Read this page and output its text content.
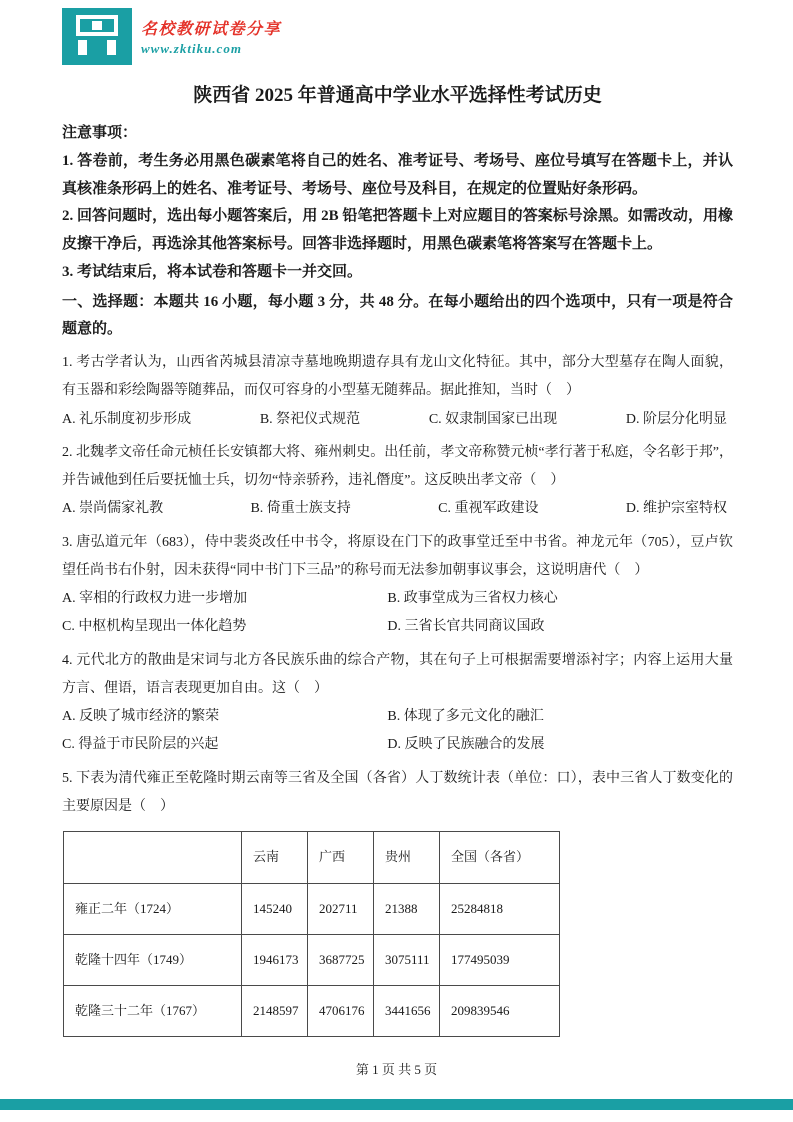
名校教研试卷分享
www.zktiku.com
陕西省 2025 年普通高中学业水平选择性考试历史

注意事项：

1. 答卷前，考生务必用黑色碳素笔将自己的姓名、准考证号、考场号、座位号填写在答题卡上，并认真核准条形码上的姓名、准考证号、考场号、座位号及科目，在规定的位置贴好条形码。

2. 回答问题时，选出每小题答案后，用 2B 铅笔把答题卡上对应题目的答案标号涂黑。如需改动，用橡皮擦干净后，再选涂其他答案标号。回答非选择题时，用黑色碳素笔将答案写在答题卡上。

3. 考试结束后，将本试卷和答题卡一并交回。

一、选择题：本题共 16 小题，每小题 3 分，共 48 分。在每小题给出的四个选项中，只有一项是符合题意的。

1. 考古学者认为，山西省芮城县清凉寺墓地晚期遗存具有龙山文化特征。其中，部分大型墓存在陶人面貌，有玉器和彩绘陶器等随葬品，而仅可容身的小型墓无随葬品。据此推知，当时（　）

A. 礼乐制度初步形成	B. 祭祀仪式规范	C. 奴隶制国家已出现	D. 阶层分化明显

2. 北魏孝文帝任命元桢任长安镇都大将、雍州刺史。出任前，孝文帝称赞元桢“孝行著于私庭，令名彰于邦”，并告诫他到任后要抚恤士兵，切勿“恃亲骄矜，违礼僭度”。这反映出孝文帝（　）

A. 崇尚儒家礼教	B. 倚重士族支持	C. 重视军政建设	D. 维护宗室特权

3. 唐弘道元年（683），侍中裴炎改任中书令，将原设在门下的政事堂迁至中书省。神龙元年（705），豆卢钦望任尚书右仆射，因未获得“同中书门下三品”的称号而无法参加朝事议事会，这说明唐代（　）

A. 宰相的行政权力进一步增加	B. 政事堂成为三省权力核心
C. 中枢机构呈现出一体化趋势	D. 三省长官共同商议国政

4. 元代北方的散曲是宋词与北方各民族乐曲的综合产物，其在句子上可根据需要增添衬字；内容上运用大量方言、俚语，语言表现更加自由。这（　）

A. 反映了城市经济的繁荣	B. 体现了多元文化的融汇
C. 得益于市民阶层的兴起	D. 反映了民族融合的发展

5. 下表为清代雍正至乾隆时期云南等三省及全国（各省）人丁数统计表（单位：口），表中三省人丁数变化的主要原因是（　）

	云南	广西	贵州	全国（各省）
雍正二年（1724）	145240	202711	21388	25284818
乾隆十四年（1749）	1946173	3687725	3075111	177495039
乾隆三十二年（1767）	2148597	4706176	3441656	209839546
第 1 页 共 5 页
